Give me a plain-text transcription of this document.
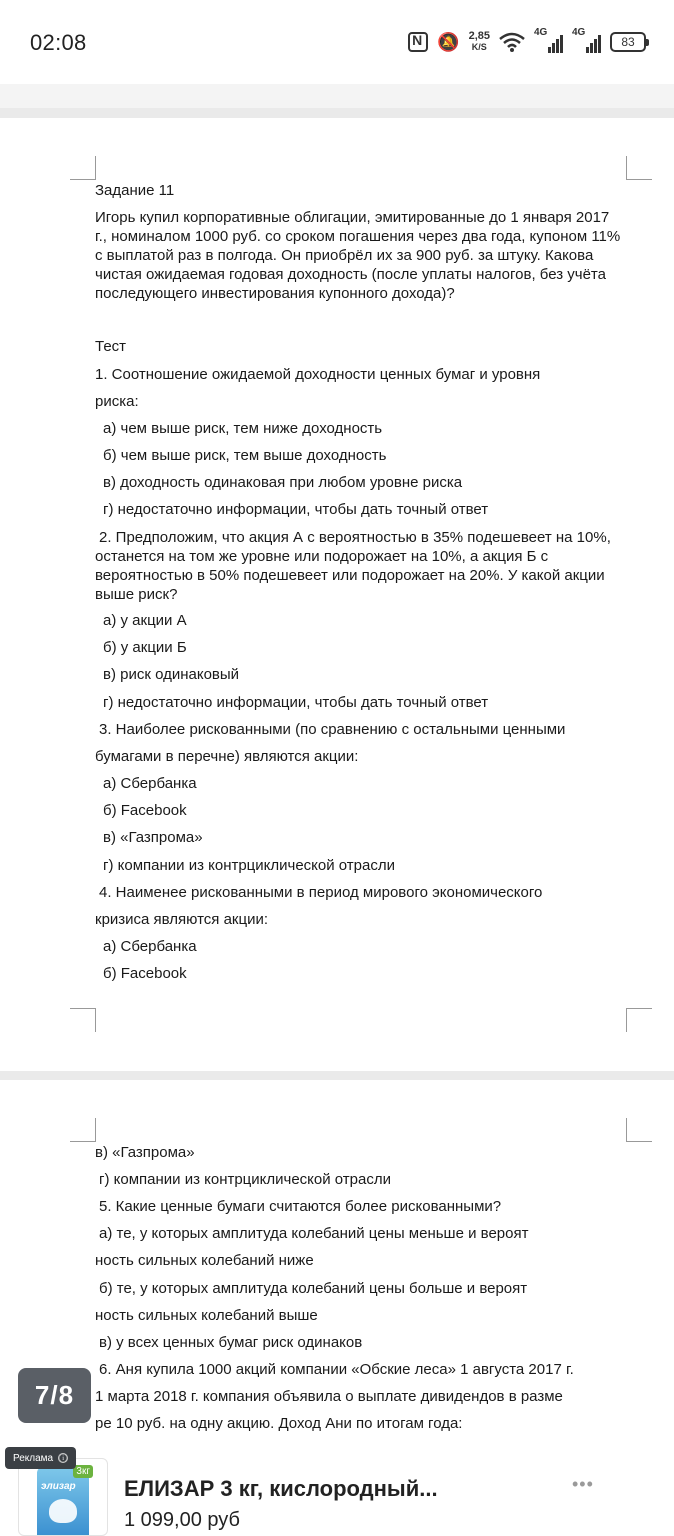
02:08
N	🔕 2,85
K/S
4G 4G
83
Задание 11
Игорь купил корпоративные облигации, эмитированные до 1 января 2017 г., номиналом 1000 руб. со сроком погашения через два года, купоном 11% с выплатой раз в полгода. Он приобрёл их за 900 руб. за штуку. Какова чистая ожидаемая годовая доходность (после уплаты налогов, без учёта последующего инвестирования купонного дохода)?
Тест
1. Соотношение ожидаемой доходности ценных бумаг и уровня
риска:
а) чем выше риск, тем ниже доходность
б) чем выше риск, тем выше доходность
в) доходность одинаковая при любом уровне риска
г) недостаточно информации, чтобы дать точный ответ
2. Предположим, что акция А с вероятностью в 35% подешевеет на 10%, останется на том же уровне или подорожает на 10%, а акция Б с вероятностью в 50% подешевеет или подорожает на 20%. У какой акции выше риск?
а) у акции А
б) у акции Б
в) риск одинаковый
г) недостаточно информации, чтобы дать точный ответ
3. Наиболее рискованными (по сравнению с остальными ценными
бумагами в перечне) являются акции:
а) Сбербанка
б) Facebook
в) «Газпрома»
г) компании из контрциклической отрасли
4. Наименее рискованными в период мирового экономического
кризиса являются акции:
а) Сбербанка
б) Facebook
в) «Газпрома»
г) компании из контрциклической отрасли
5. Какие ценные бумаги считаются более рискованными?
а) те, у которых амплитуда колебаний цены меньше и вероят
ность сильных колебаний ниже
б) те, у которых амплитуда колебаний цены больше и вероят
ность сильных колебаний выше
в) у всех ценных бумаг риск одинаков
6. Аня купила 1000 акций компании «Обские леса» 1 августа 2017 г.
1 марта 2018 г. компания объявила о выплате дивидендов в разме
ре 10 руб. на одну акцию. Доход Ани по итогам года:
7/8
3кг
элизар
Реклама ⓘ
ЕЛИЗАР 3 кг, кислородный...
1 099,00 руб
•••
